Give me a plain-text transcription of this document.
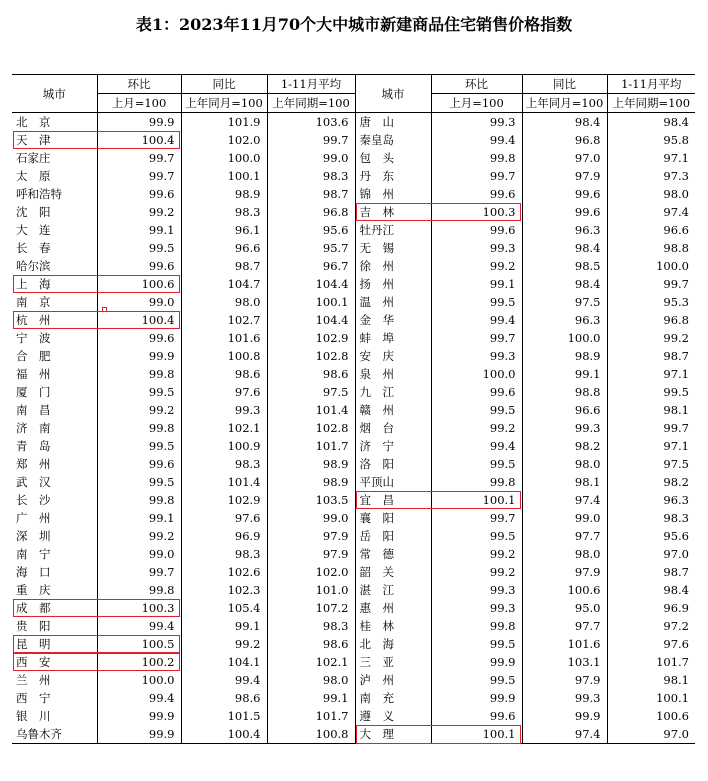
表1：2023年11月70个大中城市新建商品住宅销售价格指数
城市	环比	同比	1-11月平均	城市	环比	同比	1-11月平均
	上月=100	上年同月=100	上年同期=100		上月=100	上年同月=100	上年同期=100
北　京	99.9	101.9	103.6	唐　山	99.3	98.4	98.4
天　津	100.4	102.0	99.7	秦皇岛	99.4	96.8	95.8
石家庄	99.7	100.0	99.0	包　头	99.8	97.0	97.1
太　原	99.7	100.1	98.3	丹　东	99.7	97.9	97.3
呼和浩特	99.6	98.9	98.7	锦　州	99.6	99.6	98.0
沈　阳	99.2	98.3	96.8	吉　林	100.3	99.6	97.4
大　连	99.1	96.1	95.6	牡丹江	99.6	96.3	96.6
长　春	99.5	96.6	95.7	无　锡	99.3	98.4	98.8
哈尔滨	99.6	98.7	96.7	徐　州	99.2	98.5	100.0
上　海	100.6	104.7	104.4	扬　州	99.1	98.4	99.7
南　京	99.0	98.0	100.1	温　州	99.5	97.5	95.3
杭　州	100.4	102.7	104.4	金　华	99.4	96.3	96.8
宁　波	99.6	101.6	102.9	蚌　埠	99.7	100.0	99.2
合　肥	99.9	100.8	102.8	安　庆	99.3	98.9	98.7
福　州	99.8	98.6	98.6	泉　州	100.0	99.1	97.1
厦　门	99.5	97.6	97.5	九　江	99.6	98.8	99.5
南　昌	99.2	99.3	101.4	赣　州	99.5	96.6	98.1
济　南	99.8	102.1	102.8	烟　台	99.2	99.3	99.7
青　岛	99.5	100.9	101.7	济　宁	99.4	98.2	97.1
郑　州	99.6	98.3	98.9	洛　阳	99.5	98.0	97.5
武　汉	99.5	101.4	98.9	平顶山	99.8	98.1	98.2
长　沙	99.8	102.9	103.5	宜　昌	100.1	97.4	96.3
广　州	99.1	97.6	99.0	襄　阳	99.7	99.0	98.3
深　圳	99.2	96.9	97.9	岳　阳	99.5	97.7	95.6
南　宁	99.0	98.3	97.9	常　德	99.2	98.0	97.0
海　口	99.7	102.6	102.0	韶　关	99.2	97.9	98.7
重　庆	99.8	102.3	101.0	湛　江	99.3	100.6	98.4
成　都	100.3	105.4	107.2	惠　州	99.3	95.0	96.9
贵　阳	99.4	99.1	98.3	桂　林	99.8	97.7	97.2
昆　明	100.5	99.2	98.6	北　海	99.5	101.6	97.6
西　安	100.2	104.1	102.1	三　亚	99.9	103.1	101.7
兰　州	100.0	99.4	98.0	泸　州	99.5	97.9	98.1
西　宁	99.4	98.6	99.1	南　充	99.9	99.3	100.1
银　川	99.9	101.5	101.7	遵　义	99.6	99.9	100.6
乌鲁木齐	99.9	100.4	100.8	大　理	100.1	97.4	97.0
